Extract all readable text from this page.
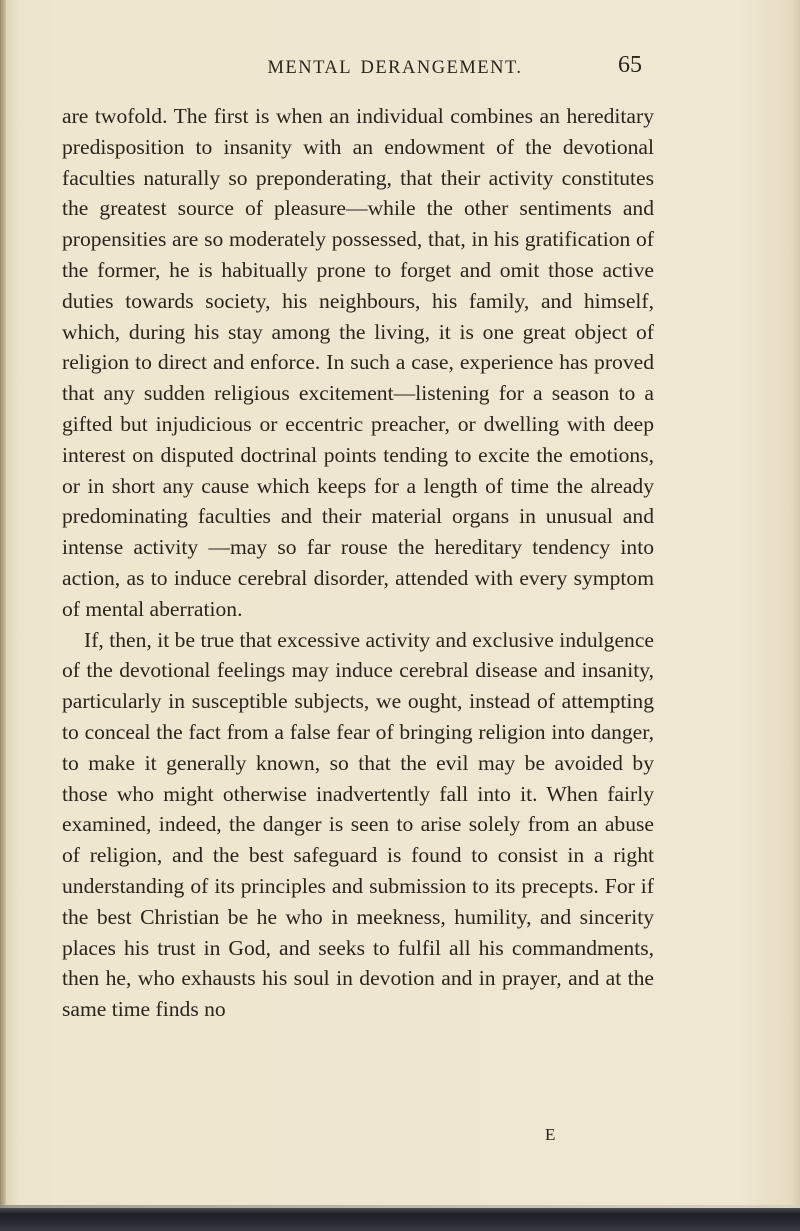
MENTAL DERANGEMENT.	65

are twofold. The first is when an individual combines an hereditary predisposition to insanity with an endowment of the devotional faculties naturally so preponderating, that their activity constitutes the greatest source of pleasure—while the other sentiments and propensities are so moderately possessed, that, in his gratification of the former, he is habitually prone to forget and omit those active duties towards society, his neighbours, his family, and himself, which, during his stay among the living, it is one great object of religion to direct and enforce. In such a case, experience has proved that any sudden religious excitement—listening for a season to a gifted but injudicious or eccentric preacher, or dwelling with deep interest on disputed doctrinal points tending to excite the emotions, or in short any cause which keeps for a length of time the already predominating faculties and their material organs in unusual and intense activity —may so far rouse the hereditary tendency into action, as to induce cerebral disorder, attended with every symptom of mental aberration.

If, then, it be true that excessive activity and exclusive indulgence of the devotional feelings may induce cerebral disease and insanity, particularly in susceptible subjects, we ought, instead of attempting to conceal the fact from a false fear of bringing religion into danger, to make it generally known, so that the evil may be avoided by those who might otherwise inadvertently fall into it. When fairly examined, indeed, the danger is seen to arise solely from an abuse of religion, and the best safeguard is found to consist in a right understanding of its principles and submission to its precepts. For if the best Christian be he who in meekness, humility, and sincerity places his trust in God, and seeks to fulfil all his commandments, then he, who exhausts his soul in devotion and in prayer, and at the same time finds no

E
